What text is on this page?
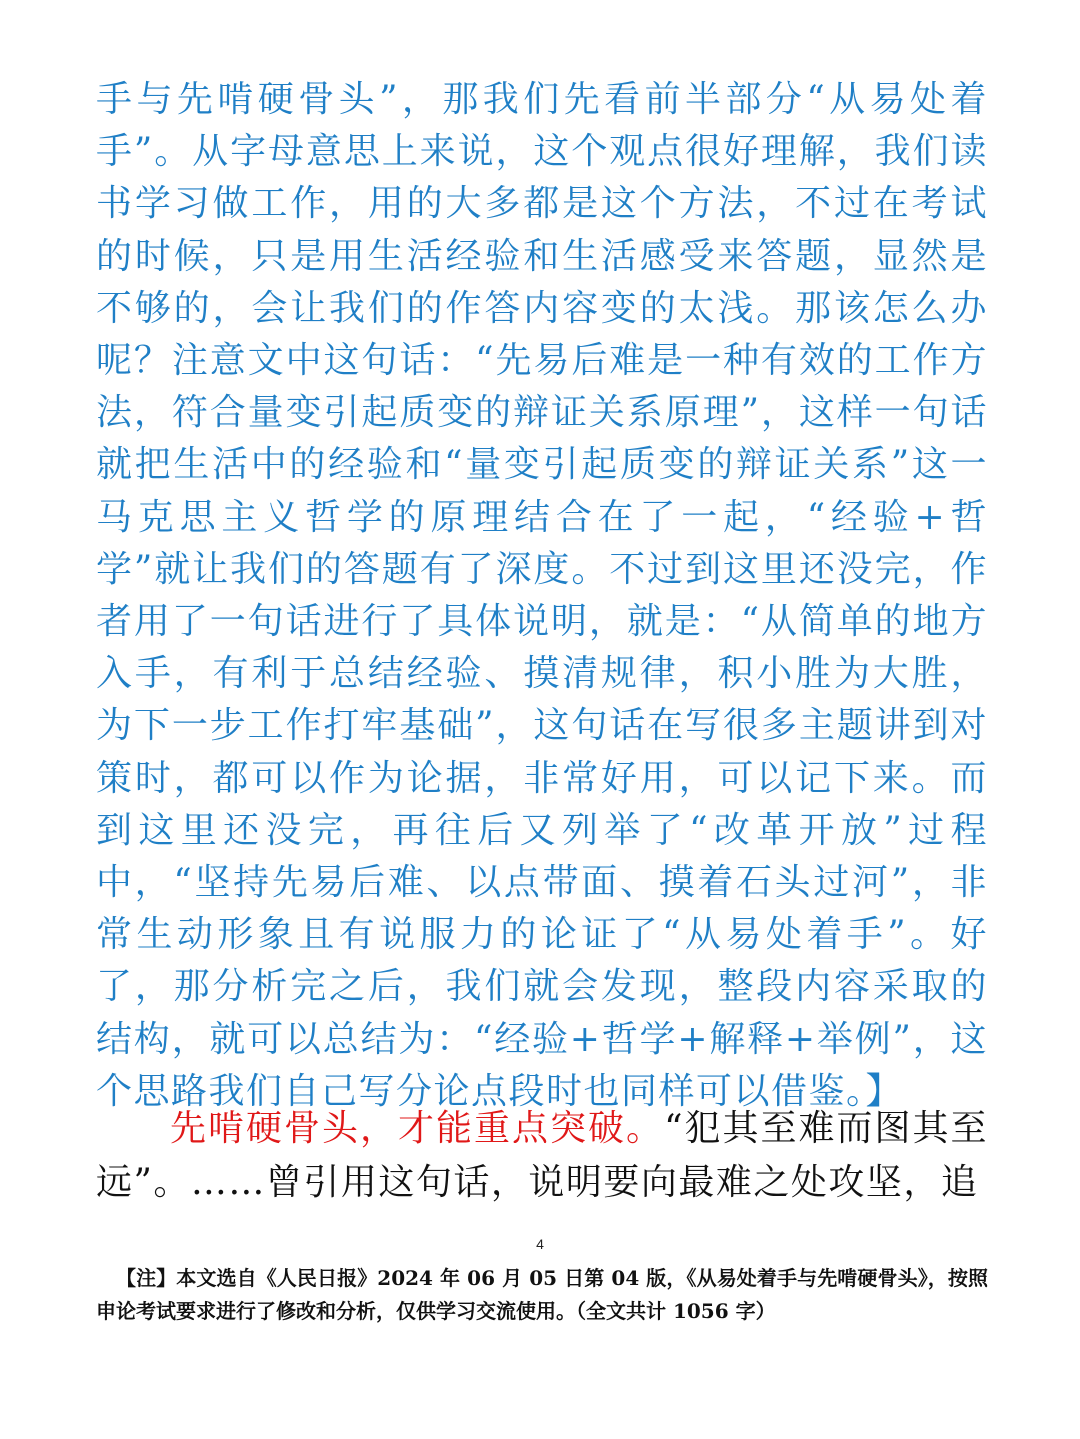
手与先啃硬骨头”，那我们先看前半部分“从易处着手”。从字母意思上来说，这个观点很好理解，我们读书学习做工作，用的大多都是这个方法，不过在考试的时候，只是用生活经验和生活感受来答题，显然是不够的，会让我们的作答内容变的太浅。那该怎么办呢？注意文中这句话：“先易后难是一种有效的工作方法，符合量变引起质变的辩证关系原理”，这样一句话就把生活中的经验和“量变引起质变的辩证关系”这一马克思主义哲学的原理结合在了一起，“经验+哲学”就让我们的答题有了深度。不过到这里还没完，作者用了一句话进行了具体说明，就是：“从简单的地方入手，有利于总结经验、摸清规律，积小胜为大胜，为下一步工作打牢基础”，这句话在写很多主题讲到对策时，都可以作为论据，非常好用，可以记下来。而到这里还没完，再往后又列举了“改革开放”过程中，“坚持先易后难、以点带面、摸着石头过河”，非常生动形象且有说服力的论证了“从易处着手”。好了，那分析完之后，我们就会发现，整段内容采取的结构，就可以总结为：“经验+哲学+解释+举例”，这个思路我们自己写分论点段时也同样可以借鉴。】

先啃硬骨头，才能重点突破。“犯其至难而图其至远”。……曾引用这句话，说明要向最难之处攻坚，追

4

【注】本文选自《人民日报》2024 年 06 月 05 日第 04 版，《从易处着手与先啃硬骨头》，按照申论考试要求进行了修改和分析，仅供学习交流使用。（全文共计 1056 字）
